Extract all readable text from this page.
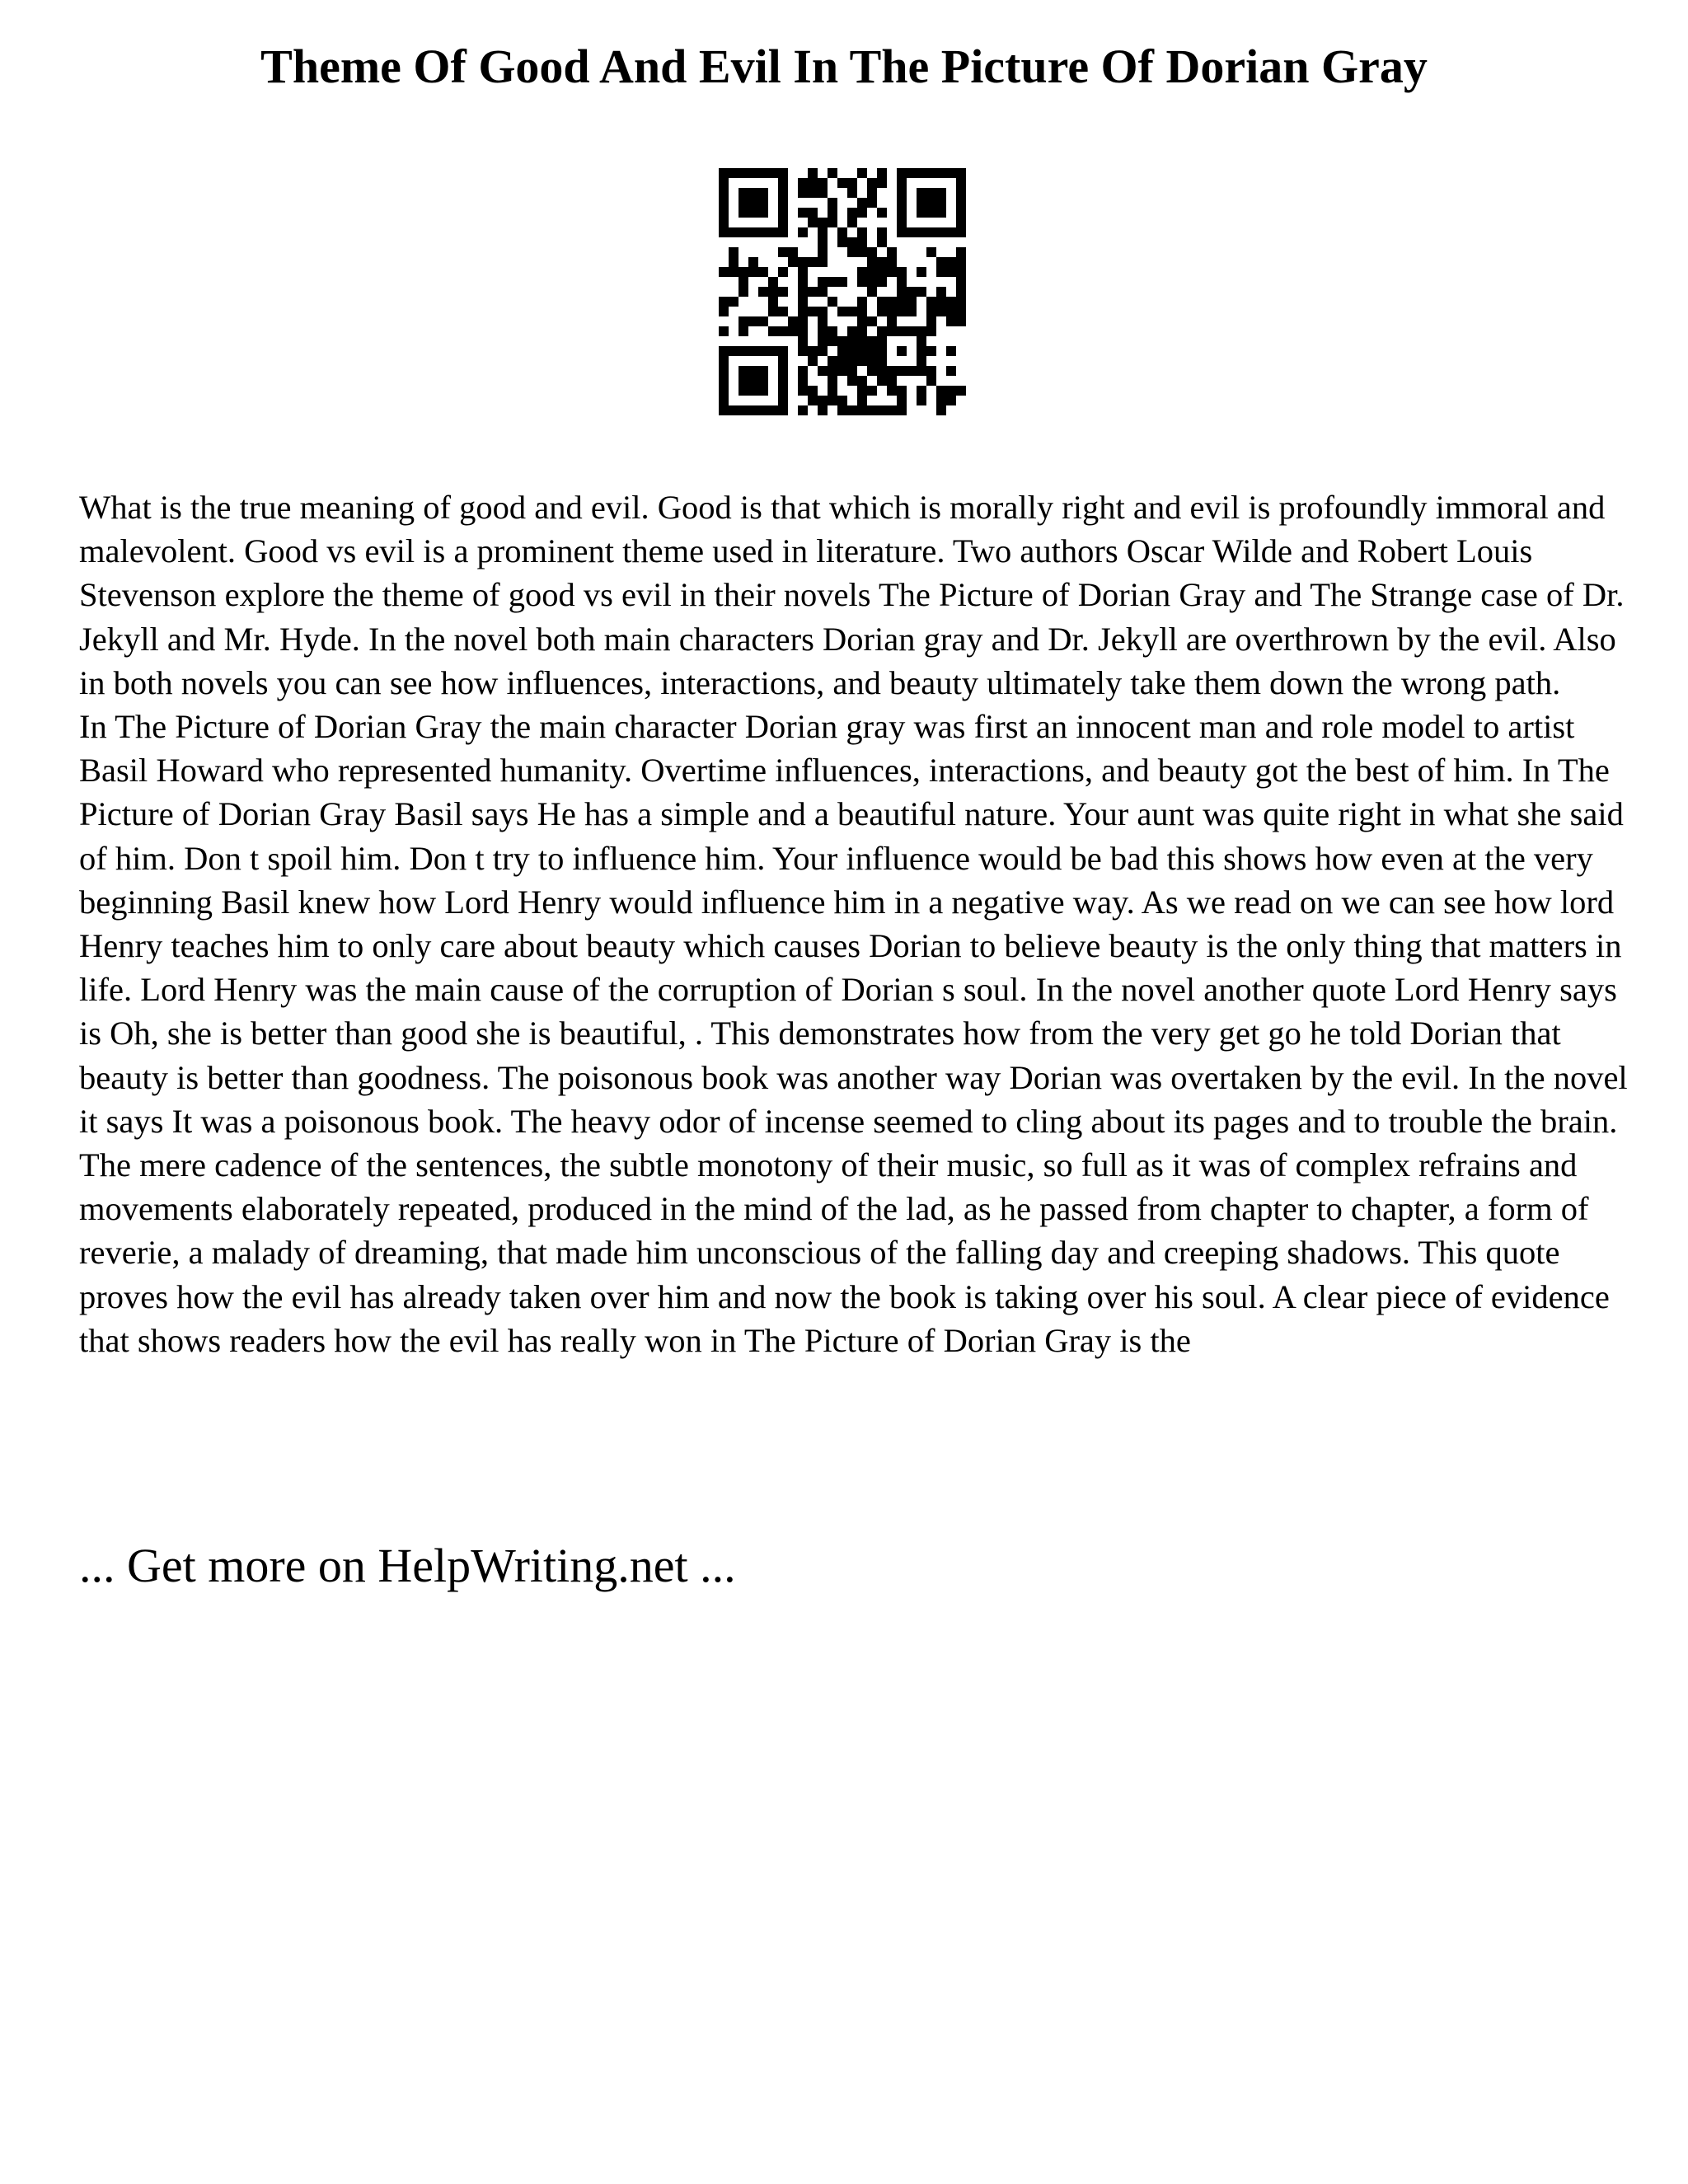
Theme Of Good And Evil In The Picture Of Dorian Gray

What is the true meaning of good and evil. Good is that which is morally right and evil is profoundly immoral and malevolent. Good vs evil is a prominent theme used in literature. Two authors Oscar Wilde and Robert Louis Stevenson explore the theme of good vs evil in their novels The Picture of Dorian Gray and The Strange case of Dr. Jekyll and Mr. Hyde. In the novel both main characters Dorian gray and Dr. Jekyll are overthrown by the evil. Also in both novels you can see how influences, interactions, and beauty ultimately take them down the wrong path.

In The Picture of Dorian Gray the main character Dorian gray was first an innocent man and role model to artist Basil Howard who represented humanity. Overtime influences, interactions, and beauty got the best of him. In The Picture of Dorian Gray Basil says He has a simple and a beautiful nature. Your aunt was quite right in what she said of him. Don t spoil him. Don t try to influence him. Your influence would be bad this shows how even at the very beginning Basil knew how Lord Henry would influence him in a negative way. As we read on we can see how lord Henry teaches him to only care about beauty which causes Dorian to believe beauty is the only thing that matters in life. Lord Henry was the main cause of the corruption of Dorian s soul. In the novel another quote Lord Henry says is Oh, she is better than good she is beautiful, . This demonstrates how from the very get go he told Dorian that beauty is better than goodness. The poisonous book was another way Dorian was overtaken by the evil. In the novel it says It was a poisonous book. The heavy odor of incense seemed to cling about its pages and to trouble the brain. The mere cadence of the sentences, the subtle monotony of their music, so full as it was of complex refrains and movements elaborately repeated, produced in the mind of the lad, as he passed from chapter to chapter, a form of reverie, a malady of dreaming, that made him unconscious of the falling day and creeping shadows. This quote proves how the evil has already taken over him and now the book is taking over his soul. A clear piece of evidence that shows readers how the evil has really won in The Picture of Dorian Gray is the

... Get more on HelpWriting.net ...
